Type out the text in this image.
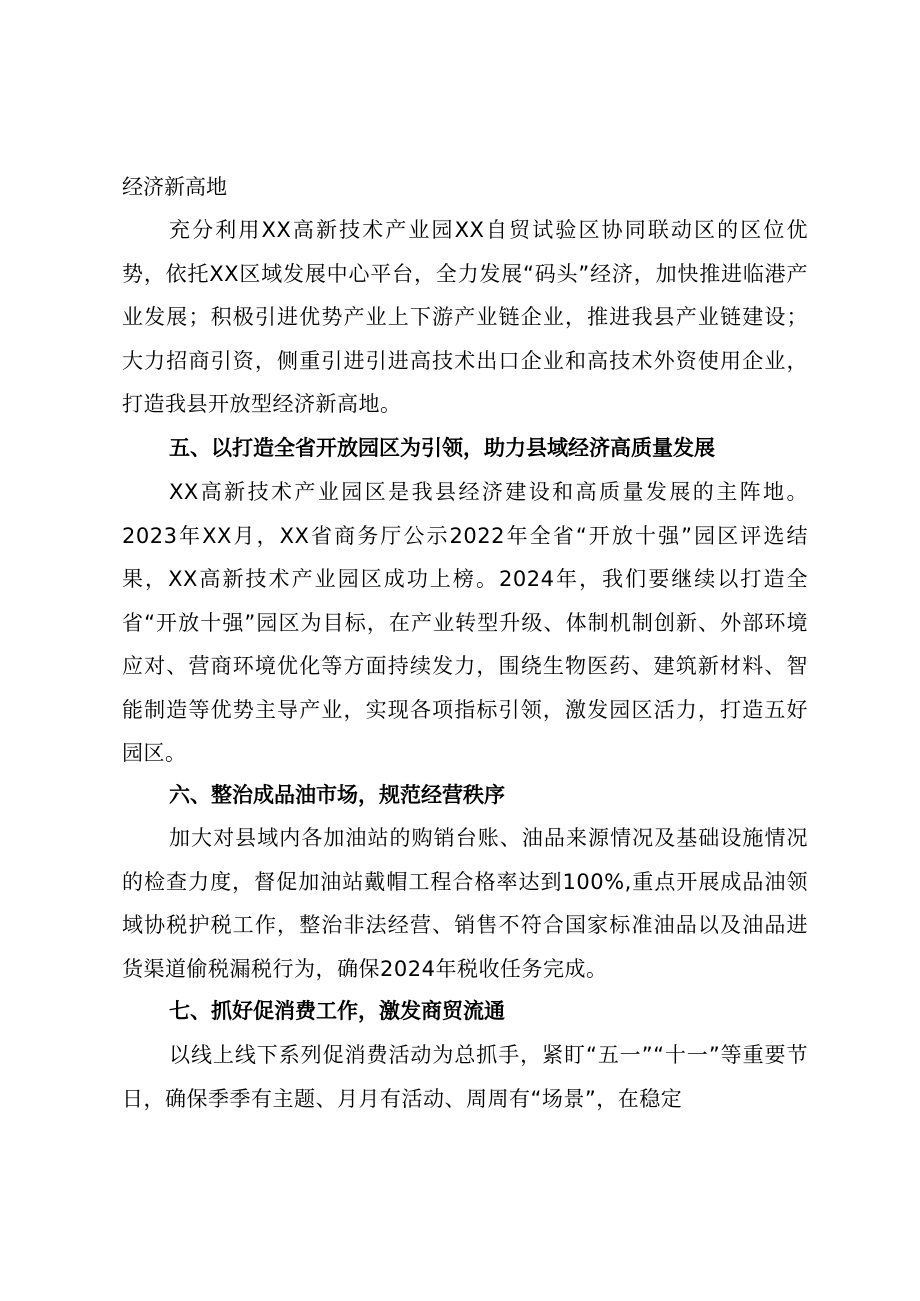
经济新高地

充分利用XX高新技术产业园XX自贸试验区协同联动区的区位优势，依托XX区域发展中心平台，全力发展“码头”经济，加快推进临港产业发展；积极引进优势产业上下游产业链企业，推进我县产业链建设；大力招商引资，侧重引进引进高技术出口企业和高技术外资使用企业，打造我县开放型经济新高地。

五、以打造全省开放园区为引领，助力县域经济高质量发展

XX高新技术产业园区是我县经济建设和高质量发展的主阵地。2023年XX月，XX省商务厅公示2022年全省“开放十强”园区评选结果，XX高新技术产业园区成功上榜。2024年，我们要继续以打造全省“开放十强”园区为目标，在产业转型升级、体制机制创新、外部环境应对、营商环境优化等方面持续发力，围绕生物医药、建筑新材料、智能制造等优势主导产业，实现各项指标引领，激发园区活力，打造五好园区。

六、整治成品油市场，规范经营秩序

加大对县域内各加油站的购销台账、油品来源情况及基础设施情况的检查力度，督促加油站戴帽工程合格率达到100%,重点开展成品油领域协税护税工作，整治非法经营、销售不符合国家标准油品以及油品进货渠道偷税漏税行为，确保2024年税收任务完成。

七、抓好促消费工作，激发商贸流通

以线上线下系列促消费活动为总抓手，紧盯“五一”“十一”等重要节日，确保季季有主题、月月有活动、周周有“场景”，在稳定
